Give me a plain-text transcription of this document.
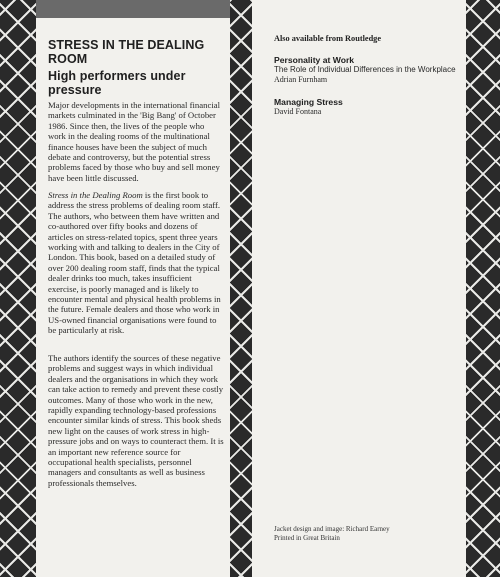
STRESS IN THE DEALING ROOM
High performers under pressure
Major developments in the international financial markets culminated in the 'Big Bang' of October 1986. Since then, the lives of the people who work in the dealing rooms of the multinational finance houses have been the subject of much debate and controversy, but the potential stress problems faced by those who buy and sell money have been little discussed.
Stress in the Dealing Room is the first book to address the stress problems of dealing room staff. The authors, who between them have written and co-authored over fifty books and dozens of articles on stress-related topics, spent three years working with and talking to dealers in the City of London. This book, based on a detailed study of over 200 dealing room staff, finds that the typical dealer drinks too much, takes insufficient exercise, is poorly managed and is likely to encounter mental and physical health problems in the future. Female dealers and those who work in US-owned financial organisations were found to be particularly at risk.
The authors identify the sources of these negative problems and suggest ways in which individual dealers and the organisations in which they work can take action to remedy and prevent these costly outcomes. Many of those who work in the new, rapidly expanding technology-based professions encounter similar kinds of stress. This book sheds new light on the causes of work stress in high-pressure jobs and on ways to counteract them. It is an important new reference source for occupational health specialists, personnel managers and consultants as well as business professionals themselves.
Also available from Routledge
Personality at Work
The Role of Individual Differences in the Workplace
Adrian Furnham
Managing Stress
David Fontana
Jacket design and image: Richard Earney
Printed in Great Britain
